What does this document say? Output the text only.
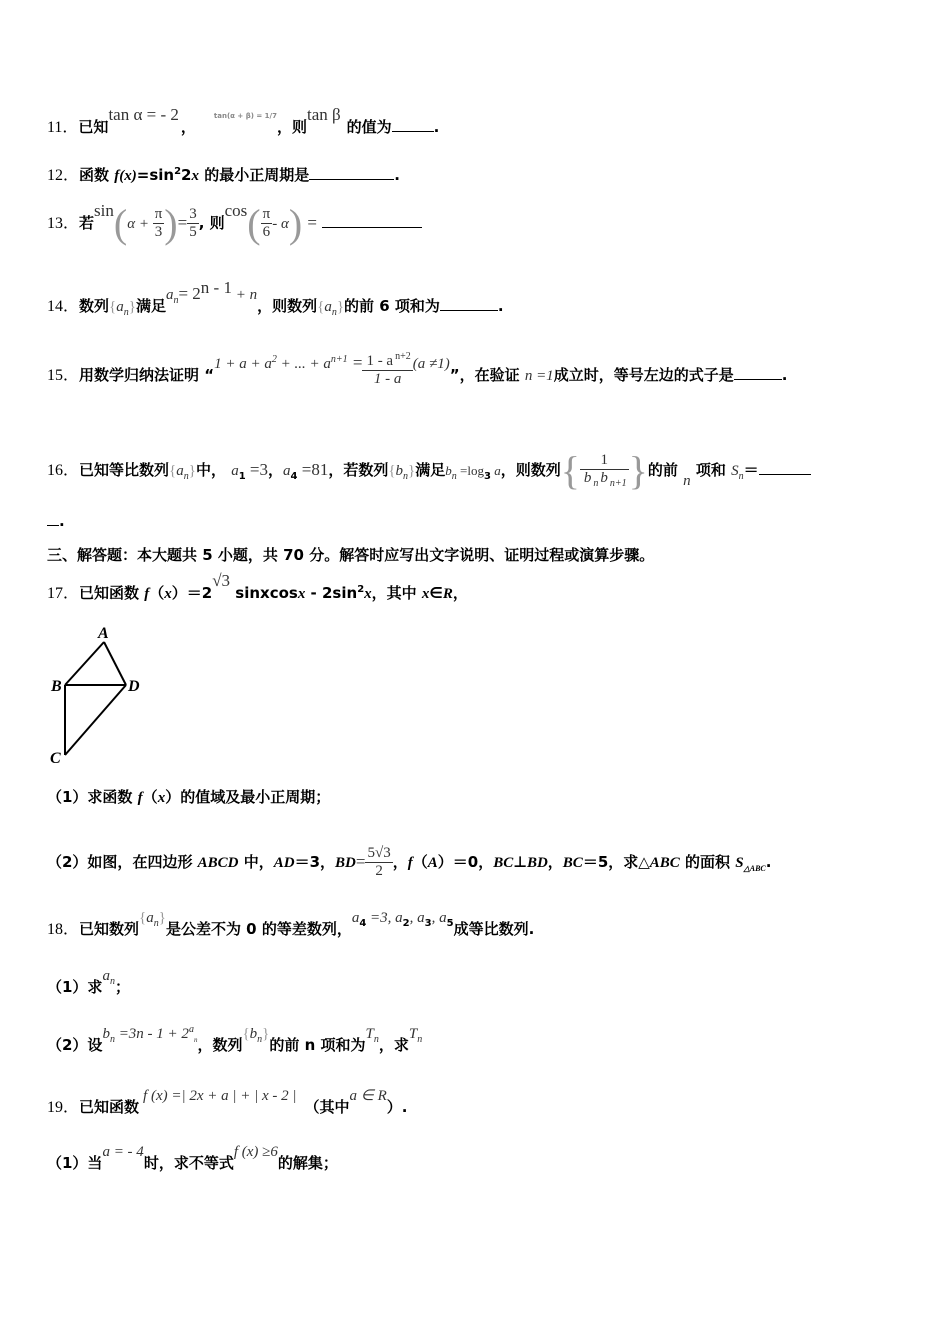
11．已知tan α = - 2，$^{tan(\alpha + \beta) = 1/7}$，则tan β的值为	.
12．函数 $f(x)=\sin^22x$ 的最小正周期是	.
13．若$\sin(\alpha + \frac{\pi}{3}$ )= $\frac{3}{5}$ , 则$\cos( \frac{\pi}{6} - \alpha)$ =
14．数列$\{a_n\}$满足$a_n= 2^{n - 1} + n$，则数列$\{a_n\}$的前 6 项和为	.
15．用数学归纳法证明 “$1 + a + a^2$ + ... + $a^{n+1} = \frac{1 - a ^{n+2}}{1 - a} (a \ne 1)$”，在验证 n =1成立时，等号左边的式子是	.
16．已知等比数列$\{a_n\}$中， $a_1 =3$，$a_4 =81$，若数列$\{b_n\}$满足$b_n =\log_3$ a，则数列{ $\frac{1}{b _n b _{n+1}}$ }的前 n 项和 $S_n=$
.
三、解答题：本大题共 5 小题，共 70 分。解答时应写出文字说明、证明过程或演算步骤。
17．已知函数 f（x）＝2√3 sinxcosx - $2\sin^2x$，其中 x∈R，
A
B	D
C
（1）求函数 f（x）的值域及最小正周期；
（2）如图，在四边形 ABCD 中，AD＝3，$BD= \frac{5√3}{2}$ ，f（A）＝0，BC⊥BD，BC＝5，求△ABC 的面积 $S_{\triangle ABC}$.
18．已知数列$\{a_n\}$是公差不为 0 的等差数列，$a_4 =3$, $a_2$, $a_3$, $a_5$成等比数列.
（1）求$a_n$；
（2）设$b_n =3n - 1 + 2^a_n$，数列$\{b_n\}$的前 n 项和为$T_n$，求$T_n$
19．已知函数f (x) =| 2x + a | + | x - 2 |（其中a ∈ R）.
（1）当a = - 4时，求不等式f (x) ≥6的解集；
